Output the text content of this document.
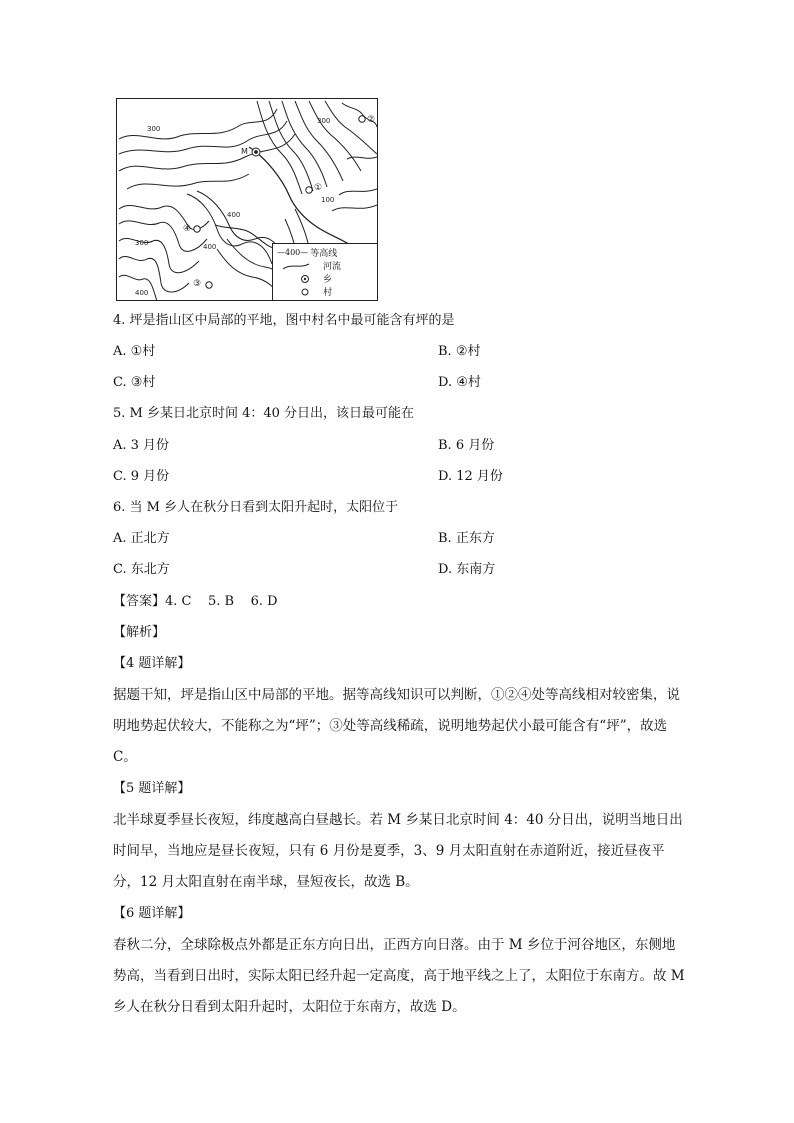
300
300
100
400
400
300
400
M
①
②
③
④
— 400 — 等高线
河流
乡
村
4. 坪是指山区中局部的平地，图中村名中最可能含有坪的是
A. ①村	B. ②村
C. ③村	D. ④村
5. M 乡某日北京时间 4：40 分日出，该日最可能在
A. 3 月份	B. 6 月份
C. 9 月份	D. 12 月份
6. 当 M 乡人在秋分日看到太阳升起时，太阳位于
A. 正北方	B. 正东方
C. 东北方	D. 东南方
【答案】4. C    5. B    6. D
【解析】
【4 题详解】
据题干知，坪是指山区中局部的平地。据等高线知识可以判断，①②④处等高线相对较密集，说明地势起伏较大，不能称之为“坪”；③处等高线稀疏，说明地势起伏小最可能含有“坪”，故选 C。
【5 题详解】
北半球夏季昼长夜短，纬度越高白昼越长。若 M 乡某日北京时间 4：40 分日出，说明当地日出时间早，当地应是昼长夜短，只有 6 月份是夏季，3、9 月太阳直射在赤道附近，接近昼夜平分，12 月太阳直射在南半球，昼短夜长，故选 B。
【6 题详解】
春秋二分，全球除极点外都是正东方向日出，正西方向日落。由于 M 乡位于河谷地区，东侧地势高，当看到日出时，实际太阳已经升起一定高度，高于地平线之上了，太阳位于东南方。故 M 乡人在秋分日看到太阳升起时，太阳位于东南方，故选 D。
